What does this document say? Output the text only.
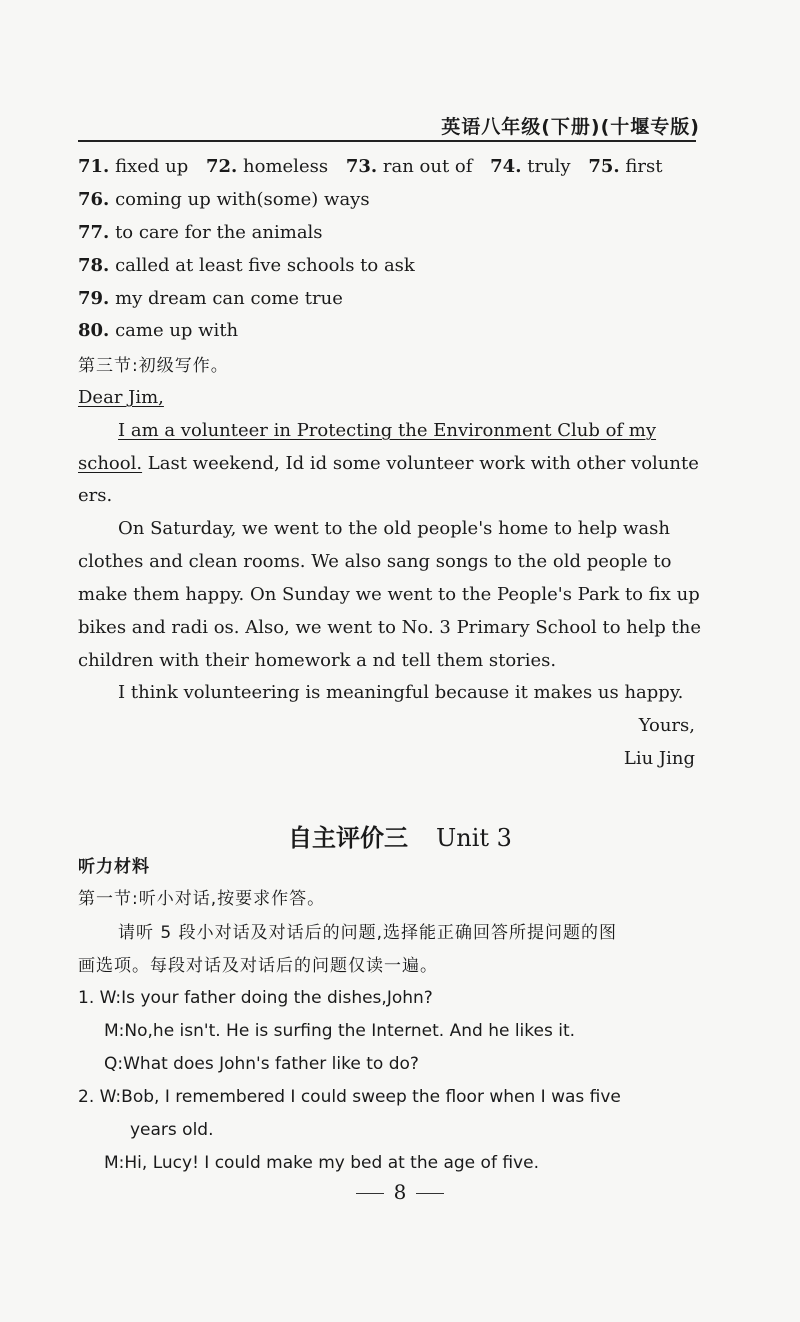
英语八年级(下册)(十堰专版)
71. fixed up 72. homeless 73. ran out of 74. truly 75. first
76. coming up with(some) ways
77. to care for the animals
78. called at least five schools to ask
79. my dream can come true
80. came up with
第三节:初级写作。
Dear Jim,
I am a volunteer in Protecting the Environment Club of my
school. Last weekend, Id id some volunteer work with other volunte
ers.
On Saturday, we went to the old people's home to help wash
clothes and clean rooms. We also sang songs to the old people to
make them happy. On Sunday we went to the People's Park to fix up
bikes and radi os. Also, we went to No. 3 Primary School to help the
children with their homework a nd tell them stories.
I think volunteering is meaningful because it makes us happy.
Yours,
Liu Jing
自主评价三 Unit 3
听力材料
第一节:听小对话,按要求作答。
请听 5 段小对话及对话后的问题,选择能正确回答所提问题的图
画选项。每段对话及对话后的问题仅读一遍。
1. W:Is your father doing the dishes,John?
M:No,he isn't. He is surfing the Internet. And he likes it.
Q:What does John's father like to do?
2. W:Bob, I remembered I could sweep the floor when I was five
years old.
M:Hi, Lucy! I could make my bed at the age of five.
8
